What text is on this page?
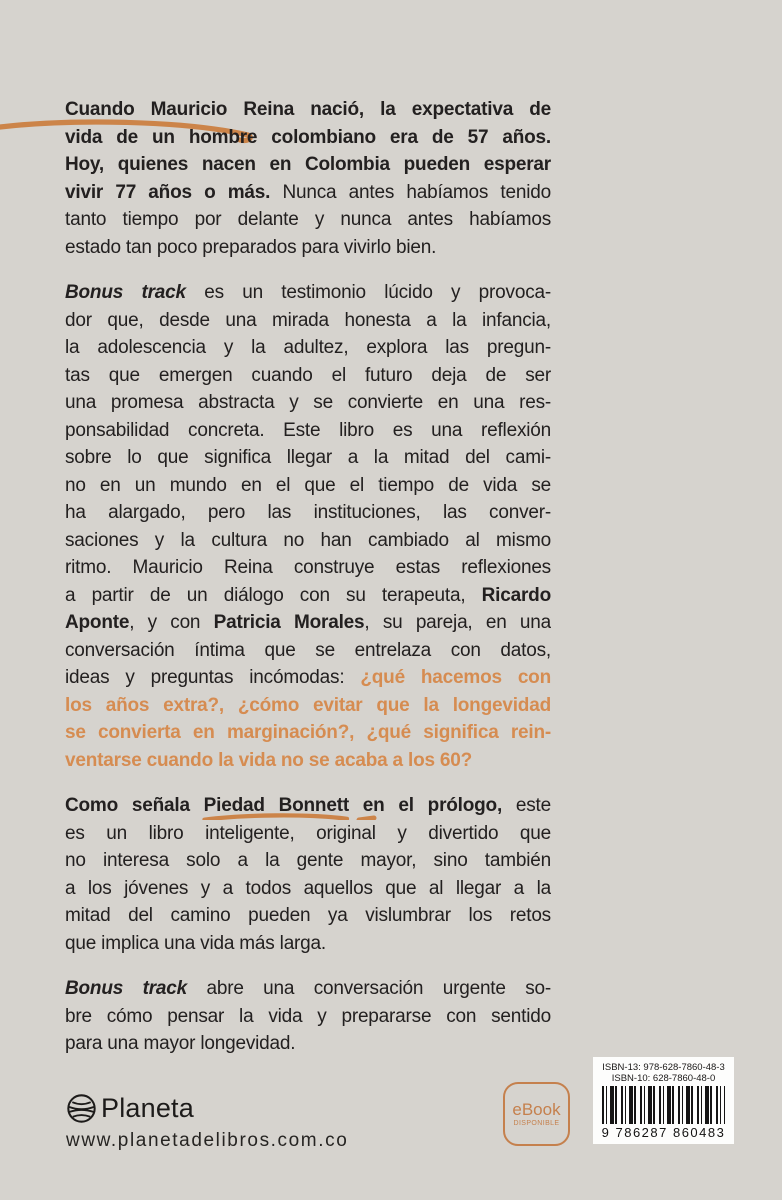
Cuando Mauricio Reina nació, la expectativa de
vida de un hombre colombiano era de 57 años.
Hoy, quienes nacen en Colombia pueden esperar
vivir 77 años o más. Nunca antes habíamos tenido
tanto tiempo por delante y nunca antes habíamos
estado tan poco preparados para vivirlo bien.
Bonus track es un testimonio lúcido y provoca-
dor que, desde una mirada honesta a la infancia,
la adolescencia y la adultez, explora las pregun-
tas que emergen cuando el futuro deja de ser
una promesa abstracta y se convierte en una res-
ponsabilidad concreta. Este libro es una reflexión
sobre lo que significa llegar a la mitad del cami-
no en un mundo en el que el tiempo de vida se
ha alargado, pero las instituciones, las conver-
saciones y la cultura no han cambiado al mismo
ritmo. Mauricio Reina construye estas reflexiones
a partir de un diálogo con su terapeuta, Ricardo
Aponte, y con Patricia Morales, su pareja, en una
conversación íntima que se entrelaza con datos,
ideas y preguntas incómodas: ¿qué hacemos con
los años extra?, ¿cómo evitar que la longevidad
se convierta en marginación?, ¿qué significa rein-
ventarse cuando la vida no se acaba a los 60?
Como señala Piedad Bonnett
en el prólogo, este
es un libro inteligente, original y divertido que
no interesa solo a la gente mayor, sino también
a los jóvenes y a todos aquellos que al llegar a la
mitad del camino pueden ya vislumbrar los retos
que implica una vida más larga.
Bonus track abre una conversación urgente so-
bre cómo pensar la vida y prepararse con sentido
para una mayor longevidad.
Planeta
www.planetadelibros.com.co
eBook
DISPONIBLE
ISBN-13: 978-628-7860-48-3
ISBN-10: 628-7860-48-0
9 786287 860483
